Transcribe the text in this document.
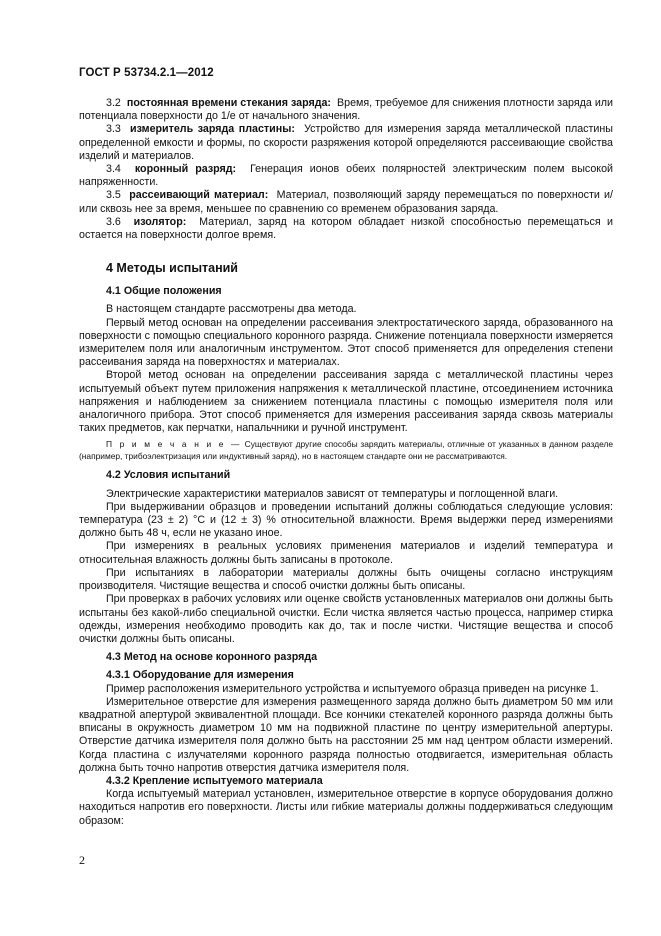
ГОСТ Р 53734.2.1—2012

3.2 постоянная времени стекания заряда: Время, требуемое для снижения плотности заряда или потенциала поверхности до 1/e от начального значения.

3.3 измеритель заряда пластины: Устройство для измерения заряда металлической пластины определенной емкости и формы, по скорости разряжения которой определяются рассеивающие свойства изделий и материалов.

3.4 коронный разряд: Генерация ионов обеих полярностей электрическим полем высокой напряженности.

3.5 рассеивающий материал: Материал, позволяющий заряду перемещаться по поверхности и/или сквозь нее за время, меньшее по сравнению со временем образования заряда.

3.6 изолятор: Материал, заряд на котором обладает низкой способностью перемещаться и остается на поверхности долгое время.

4 Методы испытаний

4.1 Общие положения

В настоящем стандарте рассмотрены два метода.

Первый метод основан на определении рассеивания электростатического заряда, образованного на поверхности с помощью специального коронного разряда. Снижение потенциала поверхности измеряется измерителем поля или аналогичным инструментом. Этот способ применяется для определения степени рассеивания заряда на поверхностях и материалах.

Второй метод основан на определении рассеивания заряда с металлической пластины через испытуемый объект путем приложения напряжения к металлической пластине, отсоединением источника напряжения и наблюдением за снижением потенциала пластины с помощью измерителя поля или аналогичного прибора. Этот способ применяется для измерения рассеивания заряда сквозь материалы таких предметов, как перчатки, напальчники и ручной инструмент.

П р и м е ч а н и е — Существуют другие способы зарядить материалы, отличные от указанных в данном разделе (например, трибоэлектризация или индуктивный заряд), но в настоящем стандарте они не рассматриваются.

4.2 Условия испытаний

Электрические характеристики материалов зависят от температуры и поглощенной влаги.

При выдерживании образцов и проведении испытаний должны соблюдаться следующие условия: температура (23 ± 2) °С и (12 ± 3) % относительной влажности. Время выдержки перед измерениями должно быть 48 ч, если не указано иное.

При измерениях в реальных условиях применения материалов и изделий температура и относительная влажность должны быть записаны в протоколе.

При испытаниях в лаборатории материалы должны быть очищены согласно инструкциям производителя. Чистящие вещества и способ очистки должны быть описаны.

При проверках в рабочих условиях или оценке свойств установленных материалов они должны быть испытаны без какой-либо специальной очистки. Если чистка является частью процесса, например стирка одежды, измерения необходимо проводить как до, так и после чистки. Чистящие вещества и способ очистки должны быть описаны.

4.3 Метод на основе коронного разряда

4.3.1 Оборудование для измерения

Пример расположения измерительного устройства и испытуемого образца приведен на рисунке 1.

Измерительное отверстие для измерения размещенного заряда должно быть диаметром 50 мм или квадратной апертурой эквивалентной площади. Все кончики стекателей коронного разряда должны быть вписаны в окружность диаметром 10 мм на подвижной пластине по центру измерительной апертуры. Отверстие датчика измерителя поля должно быть на расстоянии 25 мм над центром области измерений. Когда пластина с излучателями коронного разряда полностью отодвигается, измерительная область должна быть точно напротив отверстия датчика измерителя поля.

4.3.2 Крепление испытуемого материала

Когда испытуемый материал установлен, измерительное отверстие в корпусе оборудования должно находиться напротив его поверхности. Листы или гибкие материалы должны поддерживаться следующим образом:

2
